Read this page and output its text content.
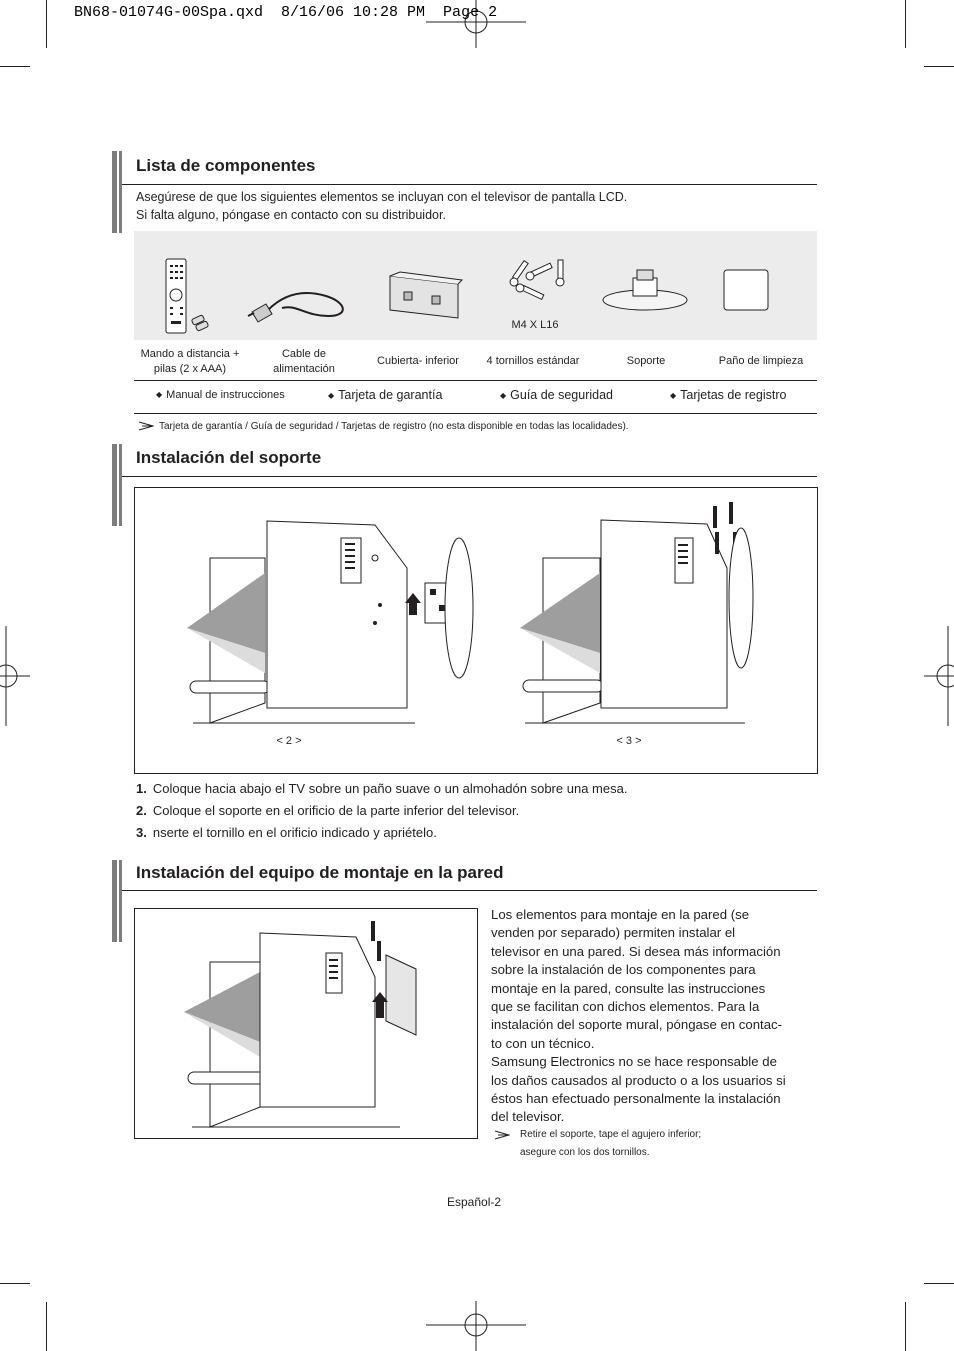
BN68-01074G-00Spa.qxd  8/16/06 10:28 PM  Page 2
Lista de componentes
Asegúrese de que los siguientes elementos se incluyan con el televisor de pantalla LCD.
Si falta alguno, póngase en contacto con su distribuidor.
M4 X L16
Mando a distancia +
pilas (2 x AAA)
Cable de
alimentación
Cubierta- inferior	4 tornillos estándar	Soporte	Paño de limpieza
◆ Manual de instrucciones	◆ Tarjeta de garantía	◆ Guía de seguridad	◆ Tarjetas de registro
Tarjeta de garantía / Guía de seguridad / Tarjetas de registro (no esta disponible en todas las localidades).
Instalación del soporte
< 2 >	< 3 >
1. Coloque hacia abajo el TV sobre un paño suave o un almohadón sobre una mesa.
2. Coloque el soporte en el orificio de la parte inferior del televisor.
3. nserte el tornillo en el orificio indicado y apriételo.
Instalación del equipo de montaje en la pared
Los elementos para montaje en la pared (se
venden por separado) permiten instalar el
televisor en una pared. Si desea más información
sobre la instalación de los componentes para
montaje en la pared, consulte las instrucciones
que se facilitan con dichos elementos. Para la
instalación del soporte mural, póngase en contac-
to con un técnico.
Samsung Electronics no se hace responsable de
los daños causados al producto o a los usuarios si
éstos han efectuado personalmente la instalación
del televisor.
Retire el soporte, tape el agujero inferior;
asegure con los dos tornillos.
Español-2
